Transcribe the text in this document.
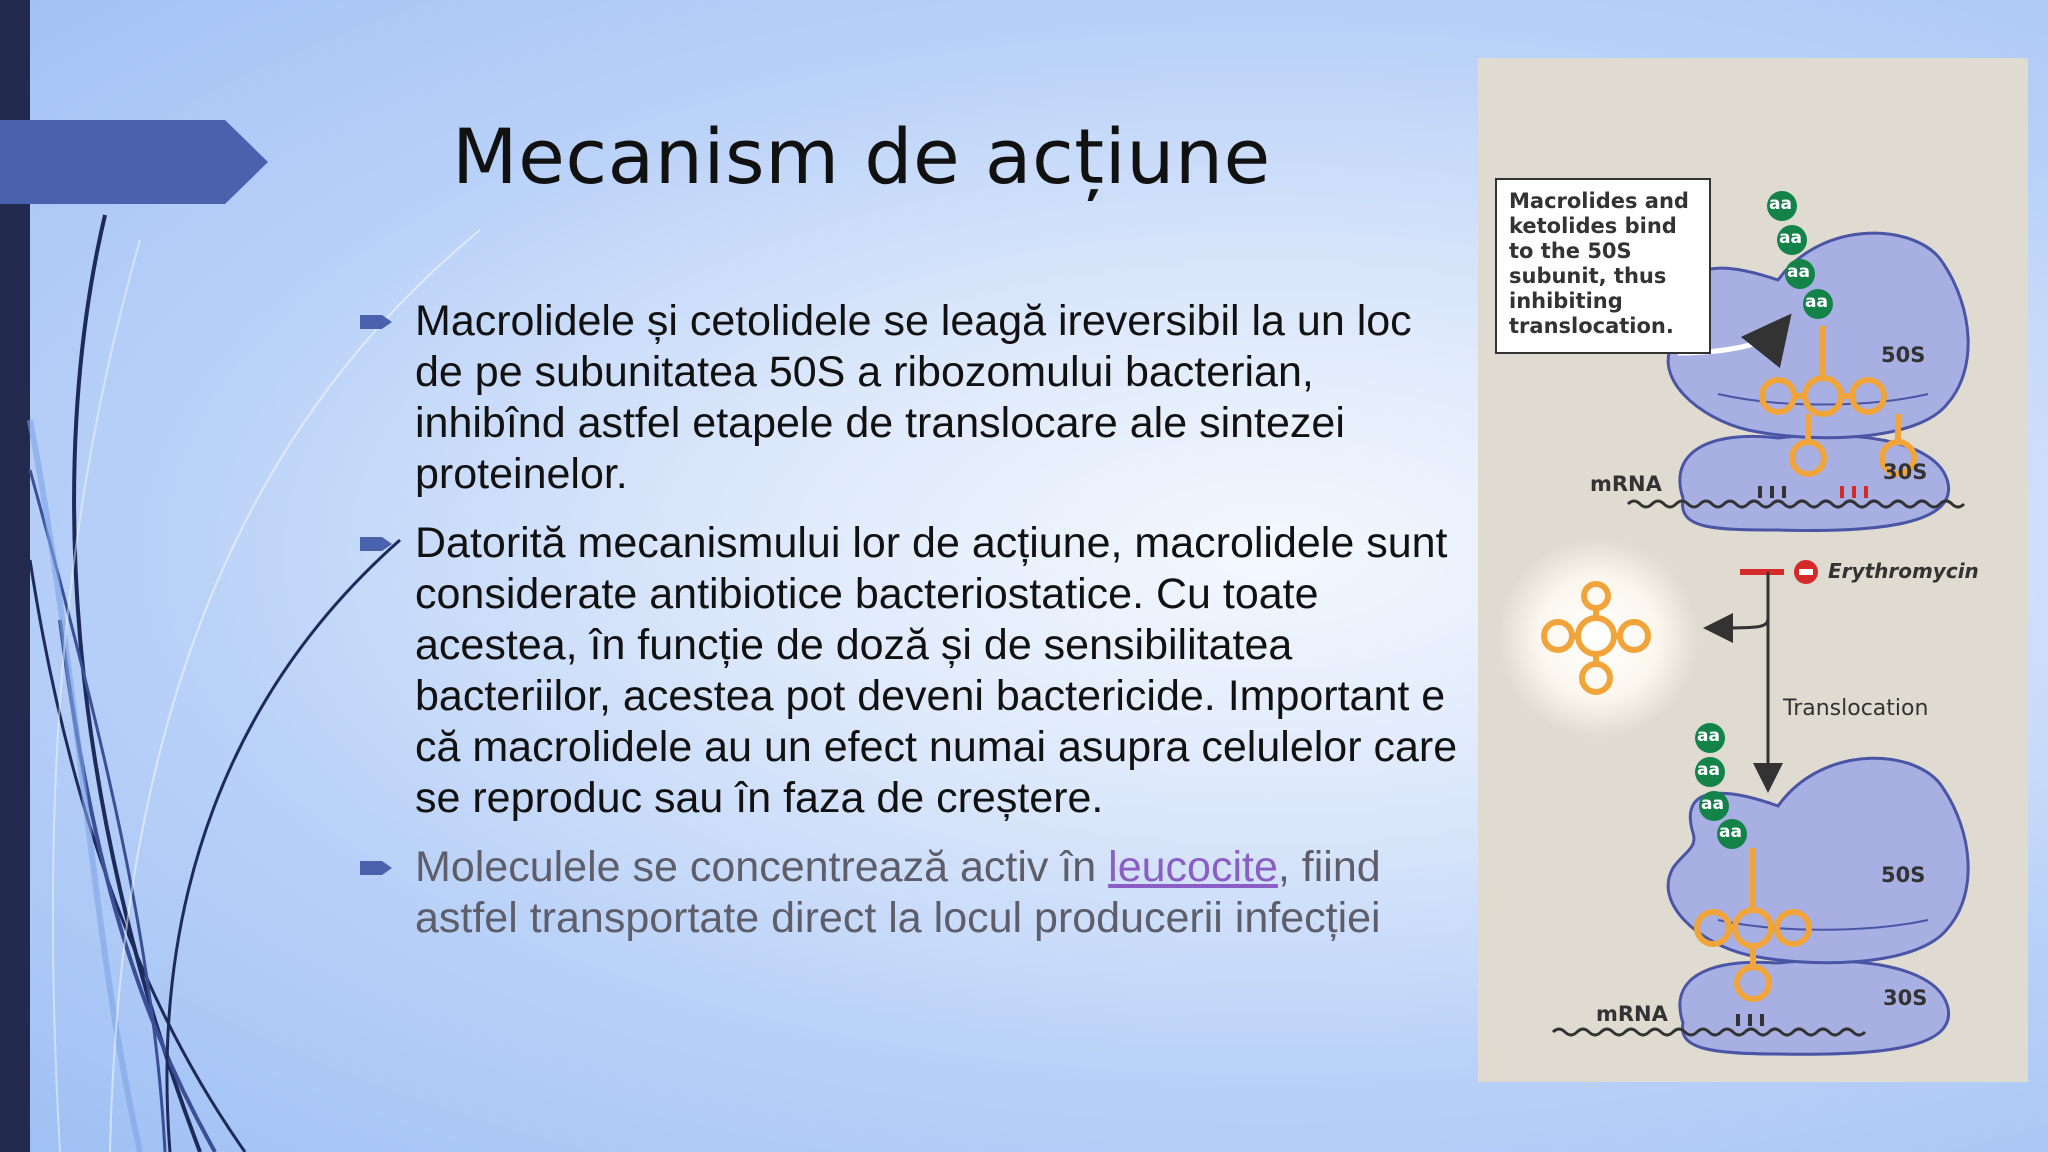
Mecanism de acțiune
Macrolidele și cetolidele se leagă ireversibil la un loc de pe subunitatea 50S a ribozomului bacterian, inhibînd astfel etapele de translocare ale sintezei proteinelor.
Datorită mecanismului lor de acțiune, macrolidele sunt considerate antibiotice bacteriostatice. Cu toate acestea, în funcție de doză și de sensibilitatea bacteriilor, acestea pot deveni bactericide. Important e că macrolidele au un efect numai asupra celulelor care se reproduc sau în faza de creștere.
Moleculele se concentrează activ în leucocite, fiind astfel transportate direct la locul producerii infecției
Macrolides and ketolides bind to the 50S subunit, thus inhibiting translocation.
aa
aa
aa
aa
50S
30S
mRNA
Erythromycin
Translocation
aa
aa
aa
aa
50S
30S
mRNA
